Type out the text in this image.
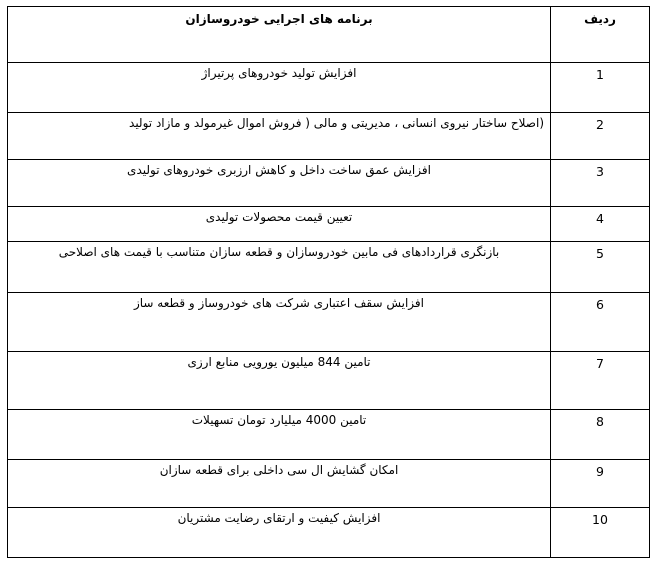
ردیف	برنامه های اجرایی خودروسازان
1	افزایش تولید خودروهای پرتیراژ
2	(اصلاح ساختار نیروی انسانی ، مدیریتی و مالی ( فروش اموال غیرمولد و مازاد تولید
3	افزایش عمق ساخت داخل و کاهش ارزبری خودروهای تولیدی
4	تعیین قیمت محصولات تولیدی
5	بازنگری قراردادهای فی مابین خودروسازان و قطعه سازان متناسب با قیمت های اصلاحی
6	افزایش سقف اعتباری شرکت های خودروساز و قطعه ساز
7	تامین 844 میلیون یورویی منابع ارزی
8	تامین 4000 میلیارد تومان تسهیلات
9	امکان گشایش ال سی داخلی برای قطعه سازان
10	افزایش کیفیت و ارتقای رضایت مشتریان
